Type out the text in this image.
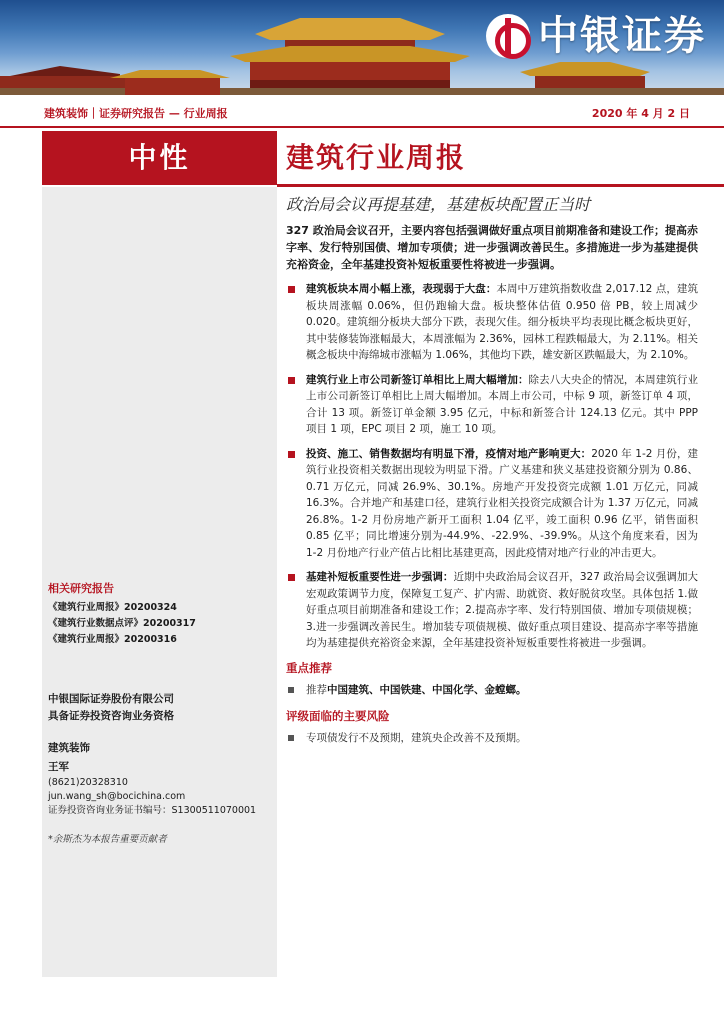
中银证券
建筑装饰｜证券研究报告 — 行业周报	2020 年 4 月 2 日
中性
相关研究报告
《建筑行业周报》20200324
《建筑行业数据点评》20200317
《建筑行业周报》20200316
中银国际证券股份有限公司
具备证券投资咨询业务资格
建筑装饰
王军
(8621)20328310
jun.wang_sh@bocichina.com
证券投资咨询业务证书编号：S1300511070001
*余斯杰为本报告重要贡献者
建筑行业周报
政治局会议再提基建，基建板块配置正当时
327 政治局会议召开，主要内容包括强调做好重点项目前期准备和建设工作；提高赤字率、发行特别国债、增加专项债；进一步强调改善民生。多措施进一步为基建提供充裕资金，全年基建投资补短板重要性将被进一步强调。
建筑板块本周小幅上涨，表现弱于大盘：本周中万建筑指数收盘 2,017.12 点，建筑板块周涨幅 0.06%，但仍跑输大盘。板块整体估值 0.950 倍 PB，较上周减少 0.020。建筑细分板块大部分下跌，表现欠佳。细分板块平均表现比概念板块更好，其中装修装饰涨幅最大，本周涨幅为 2.36%，园林工程跌幅最大，为 2.11%。相关概念板块中海绵城市涨幅为 1.06%，其他均下跌，雄安新区跌幅最大，为 2.10%。
建筑行业上市公司新签订单相比上周大幅增加：除去八大央企的情况，本周建筑行业上市公司新签订单相比上周大幅增加。本周上市公司，中标 9 项，新签订单 4 项，合计 13 项。新签订单金额 3.95 亿元，中标和新签合计 124.13 亿元。其中 PPP 项目 1 项，EPC 项目 2 项，施工 10 项。
投资、施工、销售数据均有明显下滑，疫情对地产影响更大：2020 年 1-2 月份，建筑行业投资相关数据出现较为明显下滑。广义基建和狭义基建投资额分别为 0.86、0.71 万亿元，同减 26.9%、30.1%。房地产开发投资完成额 1.01 万亿元，同减 16.3%。合并地产和基建口径，建筑行业相关投资完成额合计为 1.37 万亿元，同减 26.8%。1-2 月份房地产新开工面积 1.04 亿平，竣工面积 0.96 亿平，销售面积 0.85 亿平；同比增速分别为-44.9%、-22.9%、-39.9%。从这个角度来看，因为 1-2 月份地产行业产值占比相比基建更高，因此疫情对地产行业的冲击更大。
基建补短板重要性进一步强调：近期中央政治局会议召开，327 政治局会议强调加大宏观政策调节力度，保障复工复产、扩内需、助就资、救好脱贫攻坚。具体包括 1.做好重点项目前期准备和建设工作；2.提高赤字率、发行特别国债、增加专项债规模；3.进一步强调改善民生。增加装专项债规模、做好重点项目建设、提高赤字率等措施均为基建提供充裕资金来源，全年基建投资补短板重要性将被进一步强调。
重点推荐
推荐中国建筑、中国铁建、中国化学、金螳螂。
评级面临的主要风险
专项债发行不及预期，建筑央企改善不及预期。
